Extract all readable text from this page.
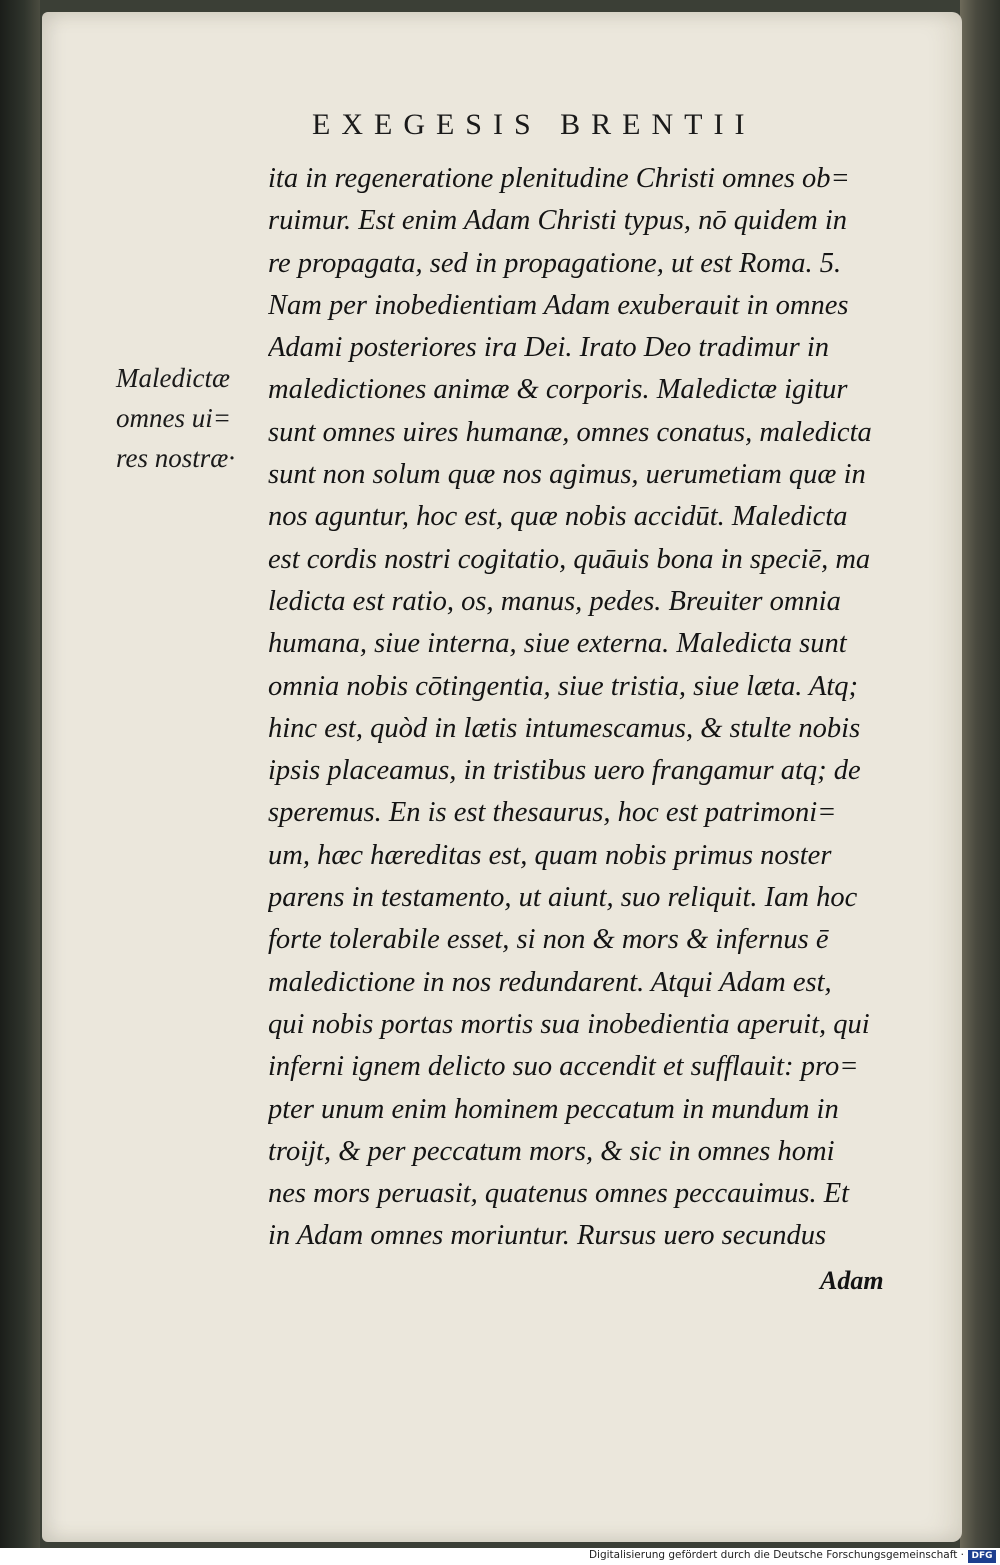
EXEGESIS BRENTII
Maledictæ
omnes ui=
res nostræ·
ita in regeneratione plenitudine Christi omnes ob=
ruimur. Est enim Adam Christi typus, nō quidem in
re propagata, sed in propagatione, ut est Roma. 5.
Nam per inobedientiam Adam exuberauit in omnes
Adami posteriores ira Dei. Irato Deo tradimur in
maledictiones animæ & corporis. Maledictæ igitur
sunt omnes uires humanæ, omnes conatus, maledicta
sunt non solum quæ nos agimus, uerumetiam quæ in
nos aguntur, hoc est, quæ nobis accidūt. Maledicta
est cordis nostri cogitatio, quāuis bona in speciē, ma
ledicta est ratio, os, manus, pedes. Breuiter omnia
humana, siue interna, siue externa. Maledicta sunt
omnia nobis cōtingentia, siue tristia, siue læta. Atq;
hinc est, quòd in lætis intumescamus, & stulte nobis
ipsis placeamus, in tristibus uero frangamur atq; de
speremus. En is est thesaurus, hoc est patrimoni=
um, hæc hæreditas est, quam nobis primus noster
parens in testamento, ut aiunt, suo reliquit. Iam hoc
forte tolerabile esset, si non & mors & infernus ē
maledictione in nos redundarent. Atqui Adam est,
qui nobis portas mortis sua inobedientia aperuit, qui
inferni ignem delicto suo accendit et sufflauit: pro=
pter unum enim hominem peccatum in mundum in
troijt, & per peccatum mors, & sic in omnes homi
nes mors peruasit, quatenus omnes peccauimus. Et
in Adam omnes moriuntur. Rursus uero secundus
Adam
Digitalisierung gefördert durch die Deutsche Forschungsgemeinschaft · DFG
